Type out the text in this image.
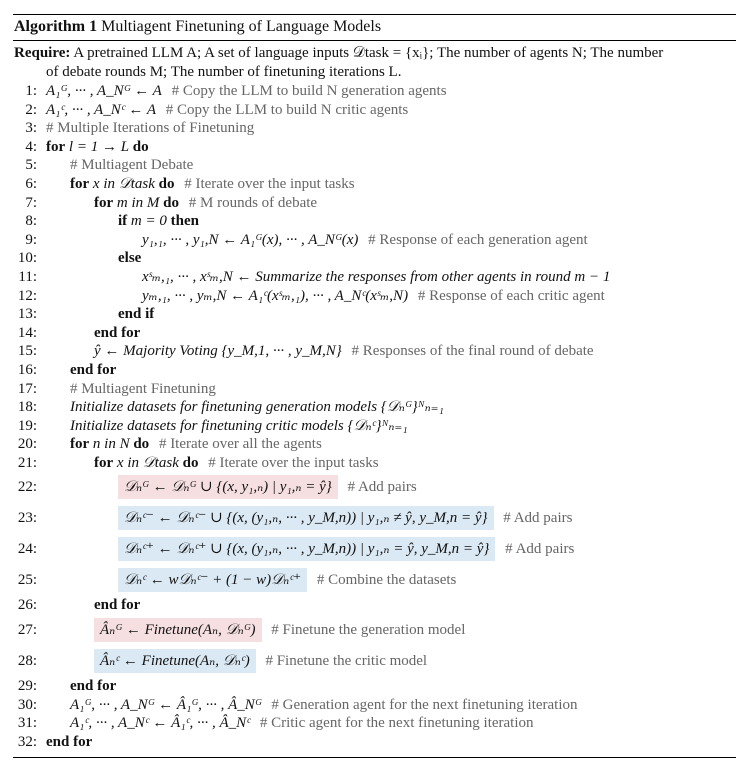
Algorithm 1 Multiagent Finetuning of Language Models
Require: A pretrained LLM A; A set of language inputs 𝒟task = {xᵢ}; The number of agents N; The number
of debate rounds M; The number of finetuning iterations L.
1: A₁ᴳ, ··· , A_Nᴳ ← A # Copy the LLM to build N generation agents
2: A₁ᶜ, ··· , A_Nᶜ ← A # Copy the LLM to build N critic agents
3: # Multiple Iterations of Finetuning
4: for l = 1 → L do
5:	# Multiagent Debate
6:	for x in 𝒟task do # Iterate over the input tasks
7:	for m in M do # M rounds of debate
8:	if m = 0 then
9:	y₁,₁, ··· , y₁,N ← A₁ᴳ(x), ··· , A_Nᴳ(x) # Response of each generation agent
10:	else
11:	xˢₘ,₁, ··· , xˢₘ,N ← Summarize the responses from other agents in round m − 1
12:	yₘ,₁, ··· , yₘ,N ← A₁ᶜ(xˢₘ,₁), ··· , A_Nᶜ(xˢₘ,N) # Response of each critic agent
13:	end if
14:	end for
15:	ŷ ← Majority Voting {y_M,1, ··· , y_M,N} # Responses of the final round of debate
16:	end for
17:	# Multiagent Finetuning
18:	Initialize datasets for finetuning generation models {𝒟ₙᴳ}ᴺₙ₌₁
19:	Initialize datasets for finetuning critic models {𝒟ₙᶜ}ᴺₙ₌₁
20:	for n in N do # Iterate over all the agents
21:	for x in 𝒟task do # Iterate over the input tasks
22:	𝒟ₙᴳ ← 𝒟ₙᴳ ∪ {(x, y₁,ₙ) | y₁,ₙ = ŷ} # Add pairs
23:	𝒟ₙᶜ⁻ ← 𝒟ₙᶜ⁻ ∪ {(x, (y₁,ₙ, ··· , y_M,n)) | y₁,ₙ ≠ ŷ, y_M,n = ŷ} # Add pairs
24:	𝒟ₙᶜ⁺ ← 𝒟ₙᶜ⁺ ∪ {(x, (y₁,ₙ, ··· , y_M,n)) | y₁,ₙ = ŷ, y_M,n = ŷ} # Add pairs
25:	𝒟ₙᶜ ← w𝒟ₙᶜ⁻ + (1 − w)𝒟ₙᶜ⁺ # Combine the datasets
26:	end for
27:	Âₙᴳ ← Finetune(Aₙ, 𝒟ₙᴳ) # Finetune the generation model
28:	Âₙᶜ ← Finetune(Aₙ, 𝒟ₙᶜ) # Finetune the critic model
29:	end for
30:	A₁ᴳ, ··· , A_Nᴳ ← Â₁ᴳ, ··· , Â_Nᴳ # Generation agent for the next finetuning iteration
31:	A₁ᶜ, ··· , A_Nᶜ ← Â₁ᶜ, ··· , Â_Nᶜ # Critic agent for the next finetuning iteration
32: end for
